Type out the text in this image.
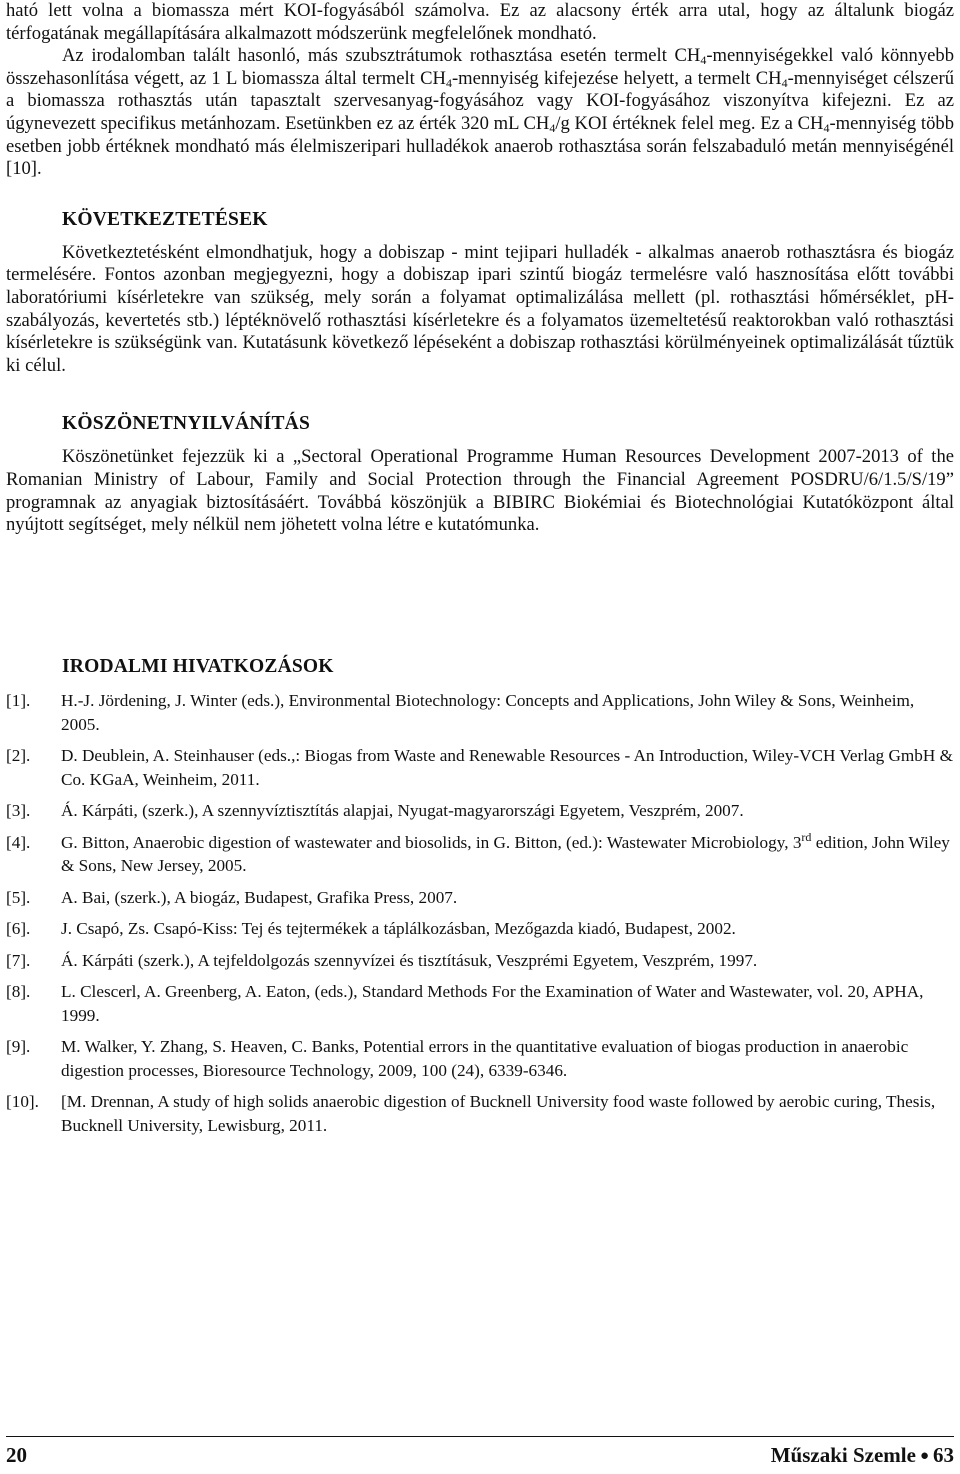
ható lett volna a biomassza mért KOI-fogyásából számolva. Ez az alacsony érték arra utal, hogy az általunk biogáz térfogatának megállapítására alkalmazott módszerünk megfelelőnek mondható.

Az irodalomban talált hasonló, más szubsztrátumok rothasztása esetén termelt $CH_4$-mennyiségekkel való könnyebb összehasonlítása végett, az 1 L biomassza által termelt $CH_4$-mennyiség kifejezése helyett, a termelt $CH_4$-mennyiséget célszerű a biomassza rothasztás után tapasztalt szervesanyag-fogyásához vagy KOI-fogyásához viszonyítva kifejezni. Ez az úgynevezett specifikus metánhozam. Esetünkben ez az érték 320 mL $CH_4/g$ KOI értéknek felel meg. Ez a $CH_4$-mennyiség több esetben jobb értéknek mondható más élelmiszeripari hulladékok anaerob rothasztása során felszabaduló metán mennyiségénél [10].

KÖVETKEZTETÉSEK

Következtetésként elmondhatjuk, hogy a dobiszap - mint tejipari hulladék - alkalmas anaerob rothasztásra és biogáz termelésére. Fontos azonban megjegyezni, hogy a dobiszap ipari szintű biogáz termelésre való hasznosítása előtt további laboratóriumi kísérletekre van szükség, mely során a folyamat optimalizálása mellett (pl. rothasztási hőmérséklet, pH-szabályozás, kevertetés stb.) léptéknövelő rothasztási kísérletekre és a folyamatos üzemeltetésű reaktorokban való rothasztási kísérletekre is szükségünk van. Kutatásunk következő lépéseként a dobiszap rothasztási körülményeinek optimalizálását tűztük ki célul.

KÖSZÖNETNYILVÁNÍTÁS

Köszönetünket fejezzük ki a „Sectoral Operational Programme Human Resources Development 2007-2013 of the Romanian Ministry of Labour, Family and Social Protection through the Financial Agreement POSDRU/6/1.5/S/19” programnak az anyagiak biztosításáért. Továbbá köszönjük a BIBIRC Biokémiai és Biotechnológiai Kutatóközpont által nyújtott segítséget, mely nélkül nem jöhetett volna létre e kutatómunka.

IRODALMI HIVATKOZÁSOK
[1].	H.-J. Jördening, J. Winter (eds.), Environmental Biotechnology: Concepts and Applications, John Wiley & Sons, Weinheim, 2005.
[2].	D. Deublein, A. Steinhauser (eds.,: Biogas from Waste and Renewable Resources - An Introduction, Wiley-VCH Verlag GmbH & Co. KGaA, Weinheim, 2011.
[3].	Á. Kárpáti, (szerk.), A szennyvíztisztítás alapjai, Nyugat-magyarországi Egyetem, Veszprém, 2007.
[4].	G. Bitton, Anaerobic digestion of wastewater and biosolids, in G. Bitton, (ed.): Wastewater Microbiology, 3rd edition, John Wiley & Sons, New Jersey, 2005.
[5].	A. Bai, (szerk.), A biogáz, Budapest, Grafika Press, 2007.
[6].	J. Csapó, Zs. Csapó-Kiss: Tej és tejtermékek a táplálkozásban, Mezőgazda kiadó, Budapest, 2002.
[7].	Á. Kárpáti (szerk.), A tejfeldolgozás szennyvízei és tisztításuk, Veszprémi Egyetem, Veszprém, 1997.
[8].	L. Clescerl, A. Greenberg, A. Eaton, (eds.), Standard Methods For the Examination of Water and Wastewater, vol. 20, APHA, 1999.
[9].	M. Walker, Y. Zhang, S. Heaven, C. Banks, Potential errors in the quantitative evaluation of biogas production in anaerobic digestion processes, Bioresource Technology, 2009, 100 (24), 6339-6346.
[10].	[M. Drennan, A study of high solids anaerobic digestion of Bucknell University food waste followed by aerobic curing, Thesis, Bucknell University, Lewisburg, 2011.
20	Műszaki Szemle ● 63
